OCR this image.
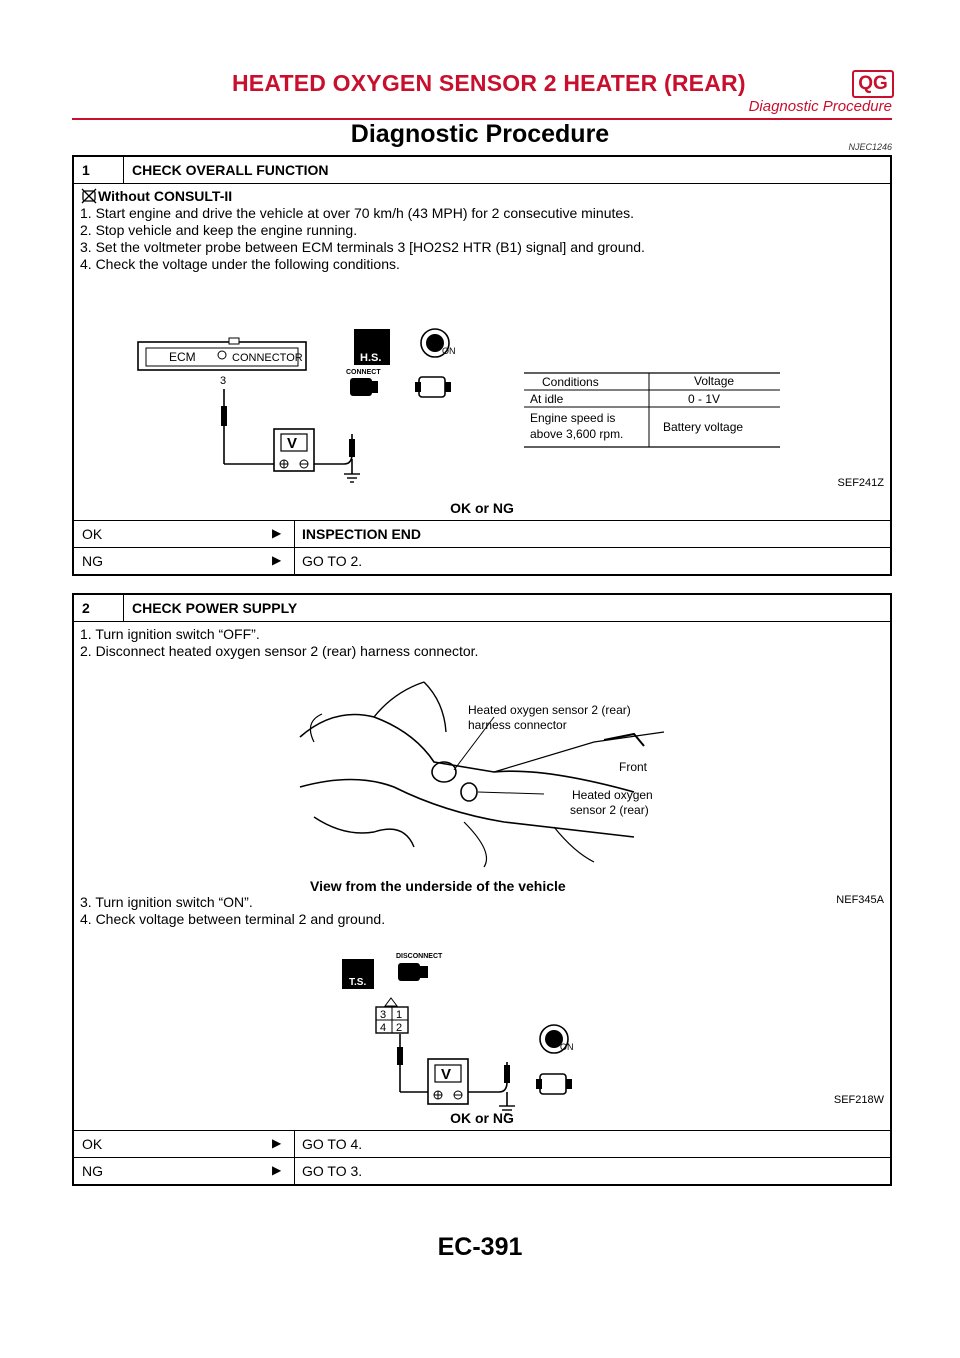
HEATED OXYGEN SENSOR 2 HEATER (REAR)	QG
Diagnostic Procedure
Diagnostic Procedure	NJEC1246
1	CHECK OVERALL FUNCTION
Without CONSULT-II
1. Start engine and drive the vehicle at over 70 km/h (43 MPH) for 2 consecutive minutes.
2. Stop vehicle and keep the engine running.
3. Set the voltmeter probe between ECM terminals 3 [HO2S2 HTR (B1) signal] and ground.
4. Check the voltage under the following conditions.
ECM	CONNECTOR
3
V
H.S.
CONNECT
ON
Conditions	Voltage
At idle	0 - 1V
Engine speed is
above 3,600 rpm.	Battery voltage
SEF241Z
OK or NG
OK	▶ INSPECTION END
NG	▶ GO TO 2.
2	CHECK POWER SUPPLY
1. Turn ignition switch “OFF”.
2. Disconnect heated oxygen sensor 2 (rear) harness connector.
Heated oxygen sensor 2 (rear)
harness connector
Front
Heated oxygen
sensor 2 (rear)
View from the underside of the vehicle
T.S.
DISCONNECT
3 1
4 2
V
ON
NEF345A
3. Turn ignition switch “ON”.
4. Check voltage between terminal 2 and ground.
SEF218W
OK or NG
OK	▶ GO TO 4.
NG	▶ GO TO 3.
EC-391
